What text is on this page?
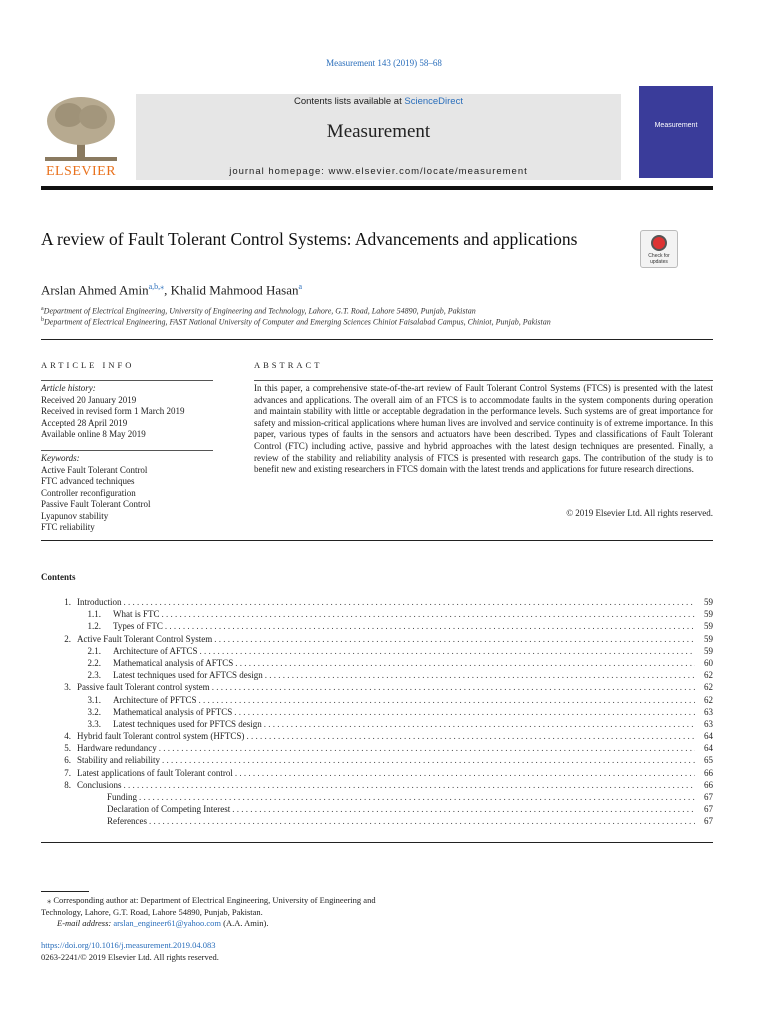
Measurement 143 (2019) 58–68
ELSEVIER
Contents lists available at ScienceDirect
Measurement
journal homepage: www.elsevier.com/locate/measurement
Measurement
A review of Fault Tolerant Control Systems: Advancements and applications
Check for updates
Arslan Ahmed Amin$^{a,b,⁎}$, Khalid Mahmood Hasan$^a$
$^a$Department of Electrical Engineering, University of Engineering and Technology, Lahore, G.T. Road, Lahore 54890, Punjab, Pakistan
$^b$Department of Electrical Engineering, FAST National University of Computer and Emerging Sciences Chiniot Faisalabad Campus, Chiniot, Punjab, Pakistan
ARTICLE INFO
Article history:
Received 20 January 2019
Received in revised form 1 March 2019
Accepted 28 April 2019
Available online 8 May 2019
Keywords:
Active Fault Tolerant Control
FTC advanced techniques
Controller reconfiguration
Passive Fault Tolerant Control
Lyapunov stability
FTC reliability
ABSTRACT
In this paper, a comprehensive state-of-the-art review of Fault Tolerant Control Systems (FTCS) is presented with the latest advances and applications. The overall aim of an FTCS is to accommodate faults in the system components during operation and maintain stability with little or acceptable degradation in the performance levels. Such systems are of great importance for safety and mission-critical applications where human lives are involved and service continuity is of extreme importance. In this paper, various types of faults in the sensors and actuators have been described. Types and classifications of Fault Tolerant Control (FTC) including active, passive and hybrid approaches with the latest design techniques are presented. Finally, a review of the stability and reliability analysis of FTCS is presented with research gaps. The contribution of the study is to benefit new and existing researchers in FTCS domain with the latest trends and applications for future research directions.
© 2019 Elsevier Ltd. All rights reserved.
Contents
1. Introduction . . .	59
1.1.	What is FTC . . .	59
1.2.	Types of FTC . . .	59
2. Active Fault Tolerant Control System . . .	59
2.1.	Architecture of AFTCS . . .	59
2.2.	Mathematical analysis of AFTCS . . .	60
2.3.	Latest techniques used for AFTCS design . . .	62
3. Passive fault Tolerant control system . . .	62
3.1.	Architecture of PFTCS . . .	62
3.2.	Mathematical analysis of PFTCS . . .	63
3.3.	Latest techniques used for PFTCS design . . .	63
4. Hybrid fault Tolerant control system (HFTCS) . . .	64
5. Hardware redundancy . . .	64
6. Stability and reliability . . .	65
7. Latest applications of fault Tolerant control . . .	66
8. Conclusions . . .	66
Funding . . .	67
Declaration of Competing Interest . . .	67
References . . .	67
⁎ Corresponding author at: Department of Electrical Engineering, University of Engineering and Technology, Lahore, G.T. Road, Lahore 54890, Punjab, Pakistan.
E-mail address: arslan_engineer61@yahoo.com (A.A. Amin).
https://doi.org/10.1016/j.measurement.2019.04.083
0263-2241/© 2019 Elsevier Ltd. All rights reserved.
